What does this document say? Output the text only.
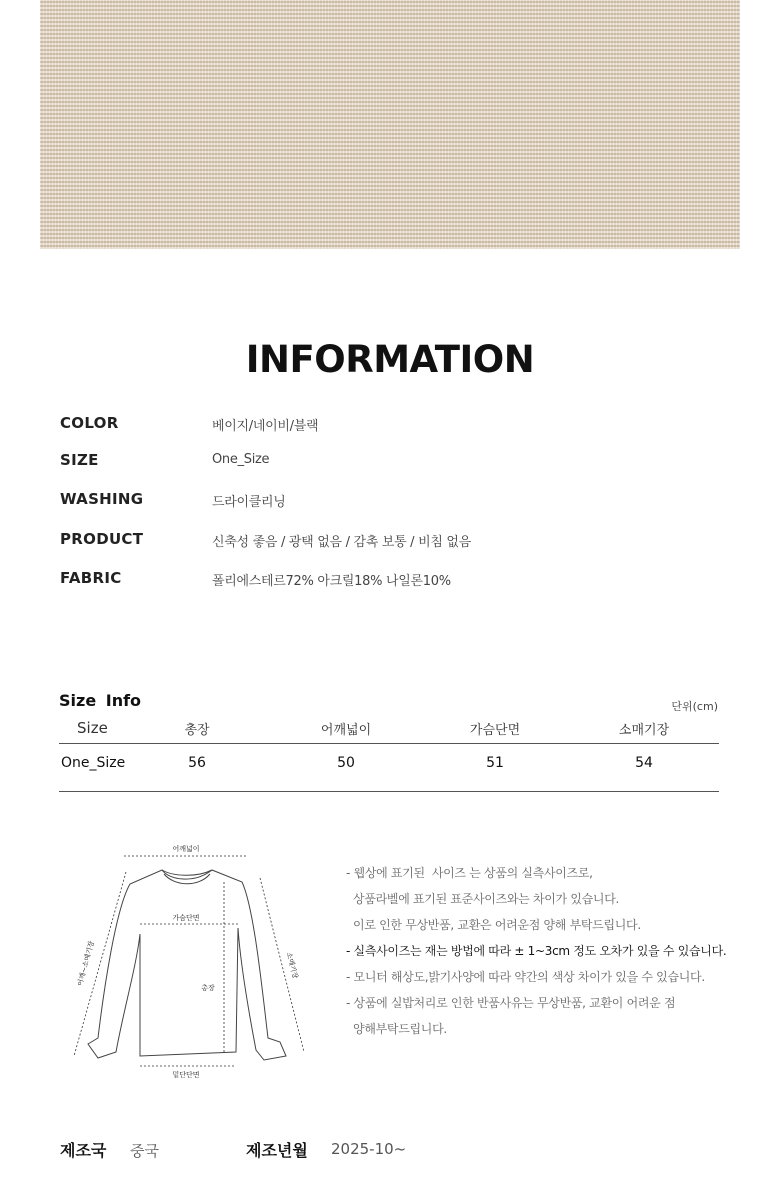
INFORMATION
COLOR	베이지/네이비/블랙
SIZE	One_Size
WASHING	드라이클리닝
PRODUCT	신축성 좋음 / 광택 없음 / 감촉 보통 / 비침 없음
FABRIC	폴리에스테르72% 아크릴18% 나일론10%
Size Info	단위(cm)
Size	총장	어깨넓이	가슴단면	소매기장
One_Size	56	50	51	54
어깨넓이
가슴단면
총장
어깨~소매기장	소매기장
밑단단면
- 웹상에 표기된  사이즈 는 상품의 실측사이즈로,
상품라벨에 표기된 표준사이즈와는 차이가 있습니다.
이로 인한 무상반품, 교환은 어려운점 양해 부탁드립니다.
- 실측사이즈는 재는 방법에 따라 ± 1~3cm 정도 오차가 있을 수 있습니다.
- 모니터 해상도,밝기사양에 따라 약간의 색상 차이가 있을 수 있습니다.
- 상품에 실밥처리로 인한 반품사유는 무상반품, 교환이 어려운 점
양해부탁드립니다.
제조국 중국	제조년월 2025-10~
